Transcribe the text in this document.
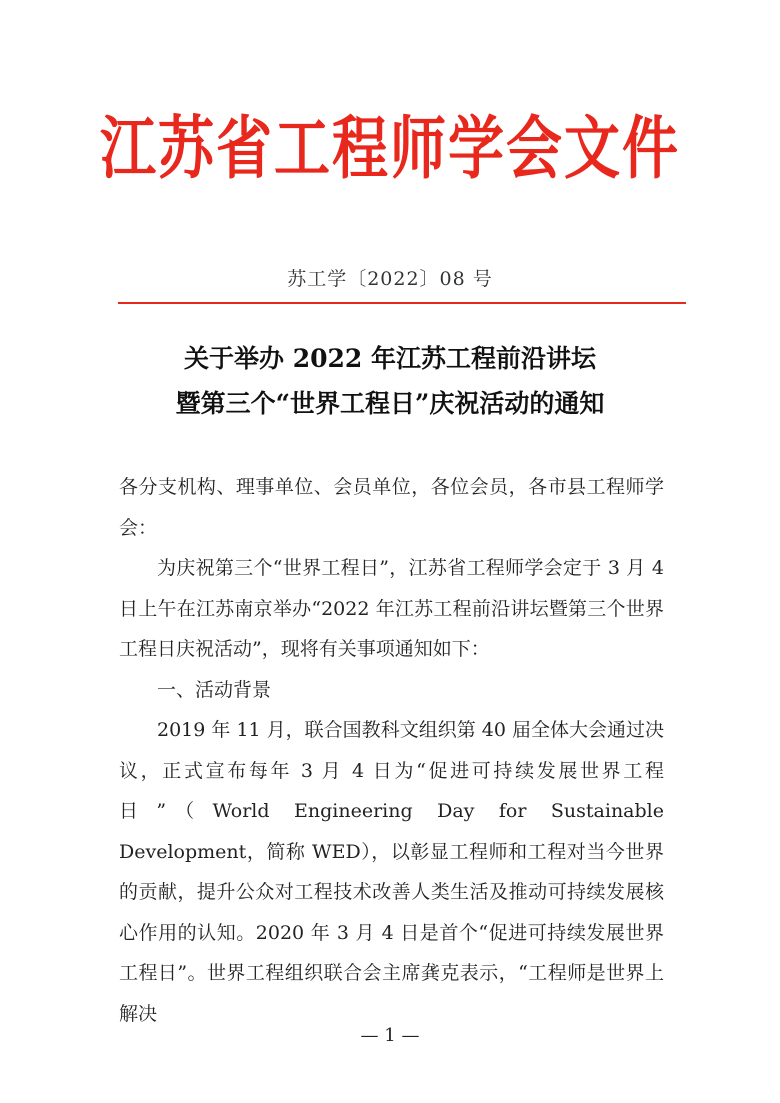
江苏省工程师学会文件
苏工学〔2022〕08 号
关于举办 2022 年江苏工程前沿讲坛
暨第三个“世界工程日”庆祝活动的通知

各分支机构、理事单位、会员单位，各位会员，各市县工程师学会：

为庆祝第三个“世界工程日”，江苏省工程师学会定于 3 月 4 日上午在江苏南京举办“2022 年江苏工程前沿讲坛暨第三个世界工程日庆祝活动”，现将有关事项通知如下：

一、活动背景

2019 年 11 月，联合国教科文组织第 40 届全体大会通过决议，正式宣布每年 3 月 4 日为“促进可持续发展世界工程日”（World Engineering Day for Sustainable Development，简称 WED），以彰显工程师和工程对当今世界的贡献，提升公众对工程技术改善人类生活及推动可持续发展核心作用的认知。2020 年 3 月 4 日是首个“促进可持续发展世界工程日”。世界工程组织联合会主席龚克表示，“工程师是世界上解决

— 1 —
